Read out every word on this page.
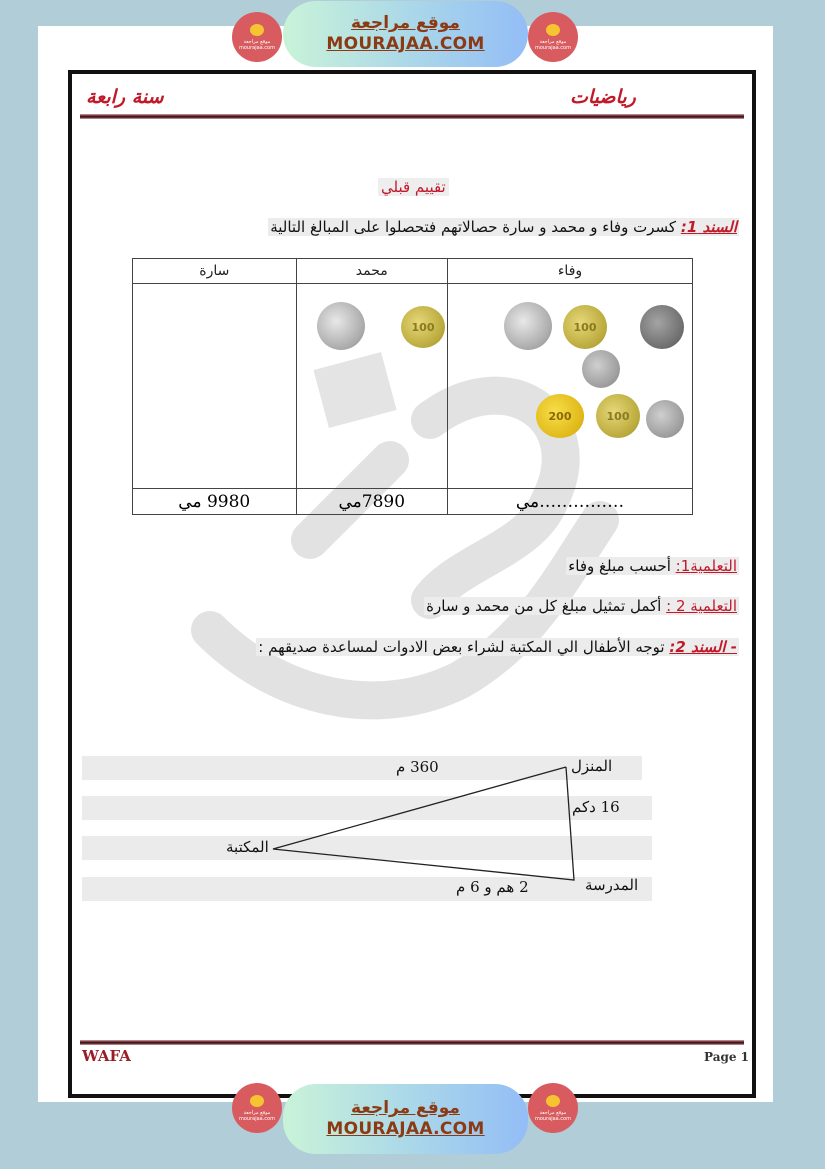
موقع مراجعة mourajaa.com
موقع مراجعة
MOURAJAA.COM	موقع مراجعة mourajaa.com
سنة رابعة	رياضيات
تقييم قبلي
السند 1: كسرت وفاء و محمد و سارة حصالاتهم فتحصلوا على المبالغ التالية
وفاء	محمد	سارة

100
200 100	100	

……………مي	7890مي	9980 مي
التعلمية1: أحسب مبلغ وفاء
التعلمية 2 : أكمل تمثيل مبلغ كل من محمد و سارة
- السند 2: توجه الأطفال الي المكتبة لشراء بعض الادوات لمساعدة صديقهم :
المنزل
المكتبة
المدرسة
360 م
16 دكم
2 هم و 6 م
WAFA	Page 1
موقع مراجعة mourajaa.com
موقع مراجعة
MOURAJAA.COM
موقع مراجعة mourajaa.com
